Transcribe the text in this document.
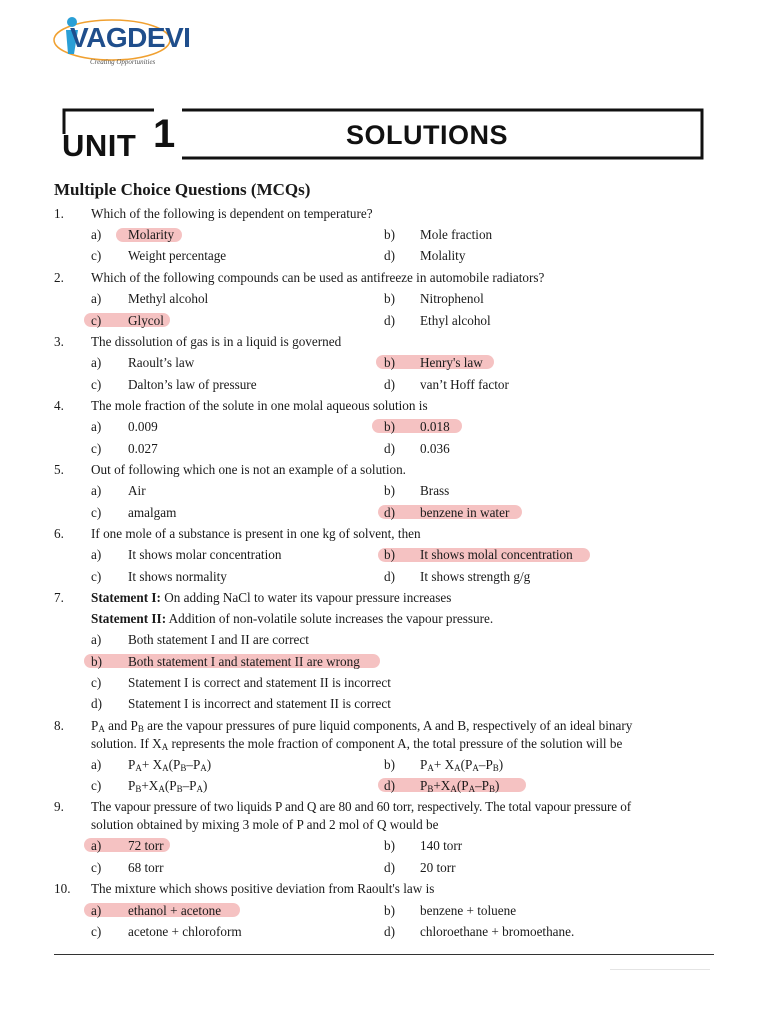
VAGDEVI
Creating Opportunities
UNIT 1	SOLUTIONS
Multiple Choice Questions (MCQs)
1. Which of the following is dependent on temperature?
a) Molarity	b) Mole fraction
c) Weight percentage	d) Molality
2. Which of the following compounds can be used as antifreeze in automobile radiators?
a) Methyl alcohol	b) Nitrophenol
c) Glycol	d) Ethyl alcohol
3. The dissolution of gas is in a liquid is governed
a) Raoult’s law	b) Henry's law
c) Dalton’s law of pressure	d) van’t Hoff factor
4. The mole fraction of the solute in one molal aqueous solution is
a) 0.009	b) 0.018
c) 0.027	d) 0.036
5. Out of following which one is not an example of a solution.
a) Air	b) Brass
c) amalgam	d) benzene in water
6. If one mole of a substance is present in one kg of solvent, then
a) It shows molar concentration	b) It shows molal concentration
c) It shows normality	d) It shows strength g/g
7. Statement I: On adding NaCl to water its vapour pressure increases
Statement II: Addition of non-volatile solute increases the vapour pressure.
a) Both statement I and II are correct
b) Both statement I and statement II are wrong
c) Statement I is correct and statement II is incorrect
d) Statement I is incorrect and statement II is correct
8. $P_A$ and $P_B$ are the vapour pressures of pure liquid components, A and B, respectively of an ideal binary
solution. If $X_A$ represents the mole fraction of component A, the total pressure of the solution will be
a) $P_A+ X_A(P_B-P_A)$	b) $P_A+ X_A(P_A-P_B)$
c) $P_B+X_A(P_B-P_A)$	d) $P_B+X_A(P_A-P_B)$
9. The vapour pressure of two liquids P and Q are 80 and 60 torr, respectively. The total vapour pressure of
solution obtained by mixing 3 mole of P and 2 mol of Q would be
a) 72 torr	b) 140 torr
c) 68 torr	d) 20 torr
10. The mixture which shows positive deviation from Raoult's law is
a) ethanol + acetone	b) benzene + toluene
c) acetone + chloroform	d) chloroethane + bromoethane.
